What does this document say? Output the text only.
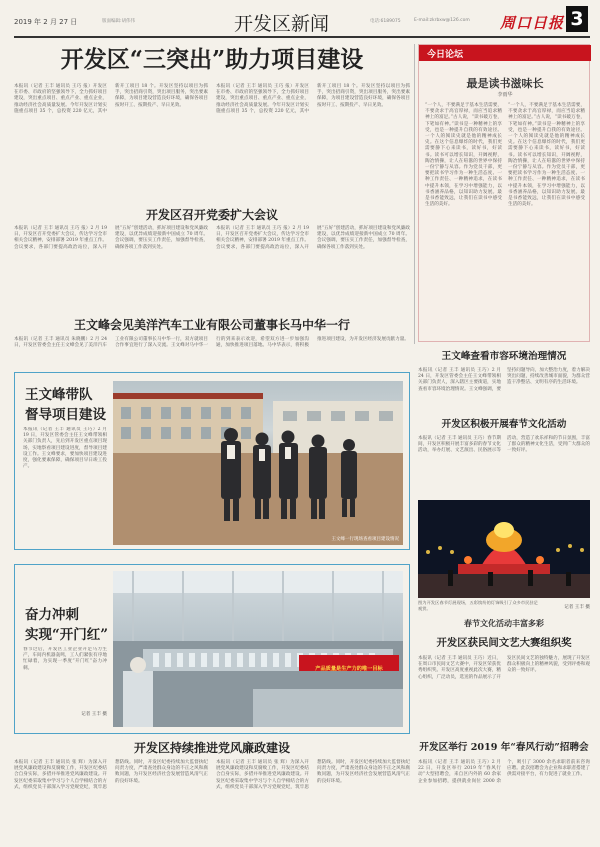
2019 年 2 月 27 日	版面编辑:胡伟伟	开发区新闻	电话:6189075	E-mail:zkrbxw@126.com 周口日报 3
开发区“三突出”助力项目建设

本报讯（记者 王丰 通讯员 王巧 报）开发区在市委、市政府的坚强领导下，全力抓好项目建设，突出重点项目、重点产业、重点企业，推动经济社会高质量发展。今年开发区计划实施重点项目 35 个，总投资 220 亿元，其中新开工项目 18 个。开发区坚持以项目为抓手，突出招商引资，突出项目服务，突出要素保障，为项目建设营造良好环境，确保各项目按时开工、按期投产、早日见效。

本报讯（记者 王丰 通讯员 王巧 报）开发区在市委、市政府的坚强领导下，全力抓好项目建设，突出重点项目、重点产业、重点企业，推动经济社会高质量发展。今年开发区计划实施重点项目 35 个，总投资 220 亿元，其中新开工项目 18 个。开发区坚持以项目为抓手，突出招商引资，突出项目服务，突出要素保障，为项目建设营造良好环境，确保各项目按时开工、按期投产、早日见效。

开发区召开党委扩大会议

本报讯（记者 王丰 通讯员 王巧 报）2 月 19 日，开发区召开党委扩大会议，传达学习全市相关会议精神，安排部署 2019 年重点工作。会议要求，各部门要提高政治站位，深入开展“五好”创建活动，抓好项目建设和党风廉政建设，以优异成绩迎接新中国成立 70 周年。会议强调，要压实工作责任，加强督导检查，确保各项工作落到实处。

本报讯（记者 王丰 通讯员 王巧 报）2 月 19 日，开发区召开党委扩大会议，传达学习全市相关会议精神，安排部署 2019 年重点工作。会议要求，各部门要提高政治站位，深入开展“五好”创建活动，抓好项目建设和党风廉政建设，以优异成绩迎接新中国成立 70 周年。会议强调，要压实工作责任，加强督导检查，确保各项工作落到实处。

王文峰会见美洋汽车工业有限公司董事长马中华一行

本报讯（记者 王丰 通讯员 朱晓鹏）2 月 24 日，开发区管委会主任王文峰会见了美洋汽车工业有限公司董事长马中华一行，双方就项目合作事宜进行了深入交流。王文峰对马中华一行的到来表示欢迎，希望双方进一步加强沟通，加快推进项目落地。马中华表示，将积极推进项目建设，为开发区经济发展贡献力量。

王文峰带队
督导项目建设

本报讯（记者 王丰 通讯员 王巧）2 月 19 日，开发区管委会主任王文峰带领相关部门负责人，先后到开发区重点项目现场，实地察看项目建设进度，督导项目建设工作。王文峰要求，要加快项目建设进度，强化要素保障，确保项目早日竣工投产。

王文峰一行现场查看项目建设情况
奋力冲刺
实现“开门红”

春节过后，开发区工业企业开足马力生产，车间内机器轰鸣，工人们紧张有序地忙碌着，为实现一季度“开门红”奋力冲刺。

记者 王丰 摄
产品质量是生产力的唯一目标
开发区持续推进党风廉政建设

本报讯（记者 王丰 通讯员 张 辉）为深入开展党风廉政建设和反腐败工作，开发区纪委结合自身实际，多措并举推进党风廉政建设。开发区纪委采取集中学习与个人自学相结合的方式，组织党员干部深入学习党规党纪，筑牢思想防线。同时，开发区纪委持续加大监督执纪问责力度，严肃查处群众身边的不正之风和腐败问题，为开发区经济社会发展营造风清气正的良好环境。

本报讯（记者 王丰 通讯员 张 辉）为深入开展党风廉政建设和反腐败工作，开发区纪委结合自身实际，多措并举推进党风廉政建设。开发区纪委采取集中学习与个人自学相结合的方式，组织党员干部深入学习党规党纪，筑牢思想防线。同时，开发区纪委持续加大监督执纪问责力度，严肃查处群众身边的不正之风和腐败问题，为开发区经济社会发展营造风清气正的良好环境。

今日论坛
最是读书滋味长
李雨华

“一个人，不要满足于基本生活需要，不要贪求于高官厚禄，而应当追求精神上的富足。”古人说，“读书破万卷，下笔如有神。”读书是一种精神上的享受，也是一种提升自我的有效途径。一个人的阅读史就是他的精神成长史。在这个信息爆炸的时代，我们更需要静下心来读书，读好书，好读书。读书可以增长知识，开阔视野，陶冶情操，让人在喧嚣的世界中保持一份宁静与从容。作为党员干部，更要把读书学习作为一种生活态度、一种工作责任、一种精神追求，在读书中提升本领，在学习中增强能力，以书香涵养品格，以知识助力发展。最是书香能致远，让我们在读书中感受生活的美好。

“一个人，不要满足于基本生活需要，不要贪求于高官厚禄，而应当追求精神上的富足。”古人说，“读书破万卷，下笔如有神。”读书是一种精神上的享受，也是一种提升自我的有效途径。一个人的阅读史就是他的精神成长史。在这个信息爆炸的时代，我们更需要静下心来读书，读好书，好读书。读书可以增长知识，开阔视野，陶冶情操，让人在喧嚣的世界中保持一份宁静与从容。作为党员干部，更要把读书学习作为一种生活态度、一种工作责任、一种精神追求，在读书中提升本领，在学习中增强能力，以书香涵养品格，以知识助力发展。最是书香能致远，让我们在读书中感受生活的美好。

王文峰查看市容环境治理情况

本报讯（记者 王丰 通讯员 王巧）2 月 24 日，开发区管委会主任王文峰带领相关部门负责人，深入辖区主要街道，实地查看市容环境治理情况。王文峰强调，要坚持问题导向，加大整治力度，着力解决突出问题，持续改善城市面貌，为群众营造干净整洁、文明有序的生活环境。

开发区积极开展春节文化活动

本报讯（记者 王丰 通讯员 王巧）春节期间，开发区积极开展丰富多彩的春节文化活动，举办灯展、文艺演出、民俗展示等活动，营造了欢乐祥和的节日氛围，丰富了群众的精神文化生活，受到广大群众的一致好评。

图为开发区春节灯展现场，五彩缤纷的灯饰吸引了众多市民驻足观赏。	记者 王丰 摄
春节文化活动丰富多彩
开发区获民间文艺大赛组织奖

本报讯（记者 王丰 通讯员 王巧）近日，在周口市民间文艺大赛中，开发区荣获优秀组织奖。开发区高度重视此次大赛，精心组织，广泛动员，选送的作品展示了开发区民间文艺的独特魅力，展现了开发区群众积极向上的精神风貌，受到评委和观众的一致好评。

开发区举行 2019 年“春风行动”招聘会

本报讯（记者 王丰 通讯员 王巧）2 月 22 日，开发区举行 2019 年“春风行动”大型招聘会，来自区内外的 60 余家企业参加招聘，提供就业岗位 2000 余个，吸引了 3000 余名求职者前来咨询应聘。此次招聘会为企业和求职者搭建了供需对接平台，有力促进了就业工作。
